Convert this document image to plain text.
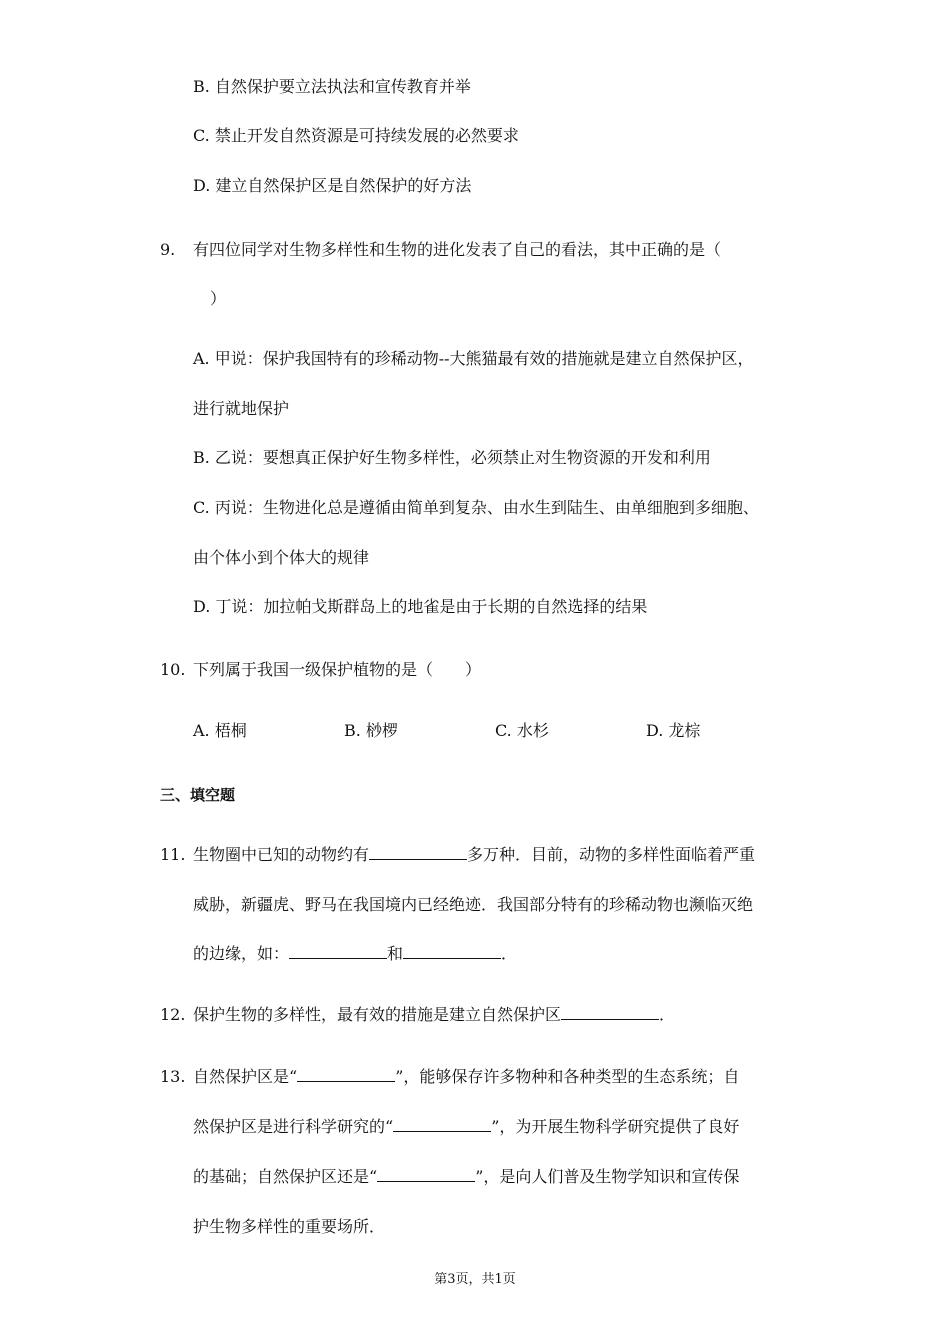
B. 自然保护要立法执法和宣传教育并举
C. 禁止开发自然资源是可持续发展的必然要求
D. 建立自然保护区是自然保护的好方法
9. 有四位同学对生物多样性和生物的进化发表了自己的看法，其中正确的是（
）
A. 甲说：保护我国特有的珍稀动物--大熊猫最有效的措施就是建立自然保护区，
进行就地保护
B. 乙说：要想真正保护好生物多样性，必须禁止对生物资源的开发和利用
C. 丙说：生物进化总是遵循由简单到复杂、由水生到陆生、由单细胞到多细胞、
由个体小到个体大的规律
D. 丁说：加拉帕戈斯群岛上的地雀是由于长期的自然选择的结果
10. 下列属于我国一级保护植物的是（　　）
A. 梧桐	B. 桫椤	C. 水杉	D. 龙棕
三、填空题
11. 生物圈中已知的动物约有	多万种．目前，动物的多样性面临着严重
威胁，新疆虎、野马在我国境内已经绝迹．我国部分特有的珍稀动物也濒临灭绝
的边缘，如：	和	．
12. 保护生物的多样性，最有效的措施是建立自然保护区	．
13. 自然保护区是“	”，能够保存许多物种和各种类型的生态系统；自
然保护区是进行科学研究的“	”，为开展生物科学研究提供了良好
的基础；自然保护区还是“	”，是向人们普及生物学知识和宣传保
护生物多样性的重要场所．
第3页，共1页
